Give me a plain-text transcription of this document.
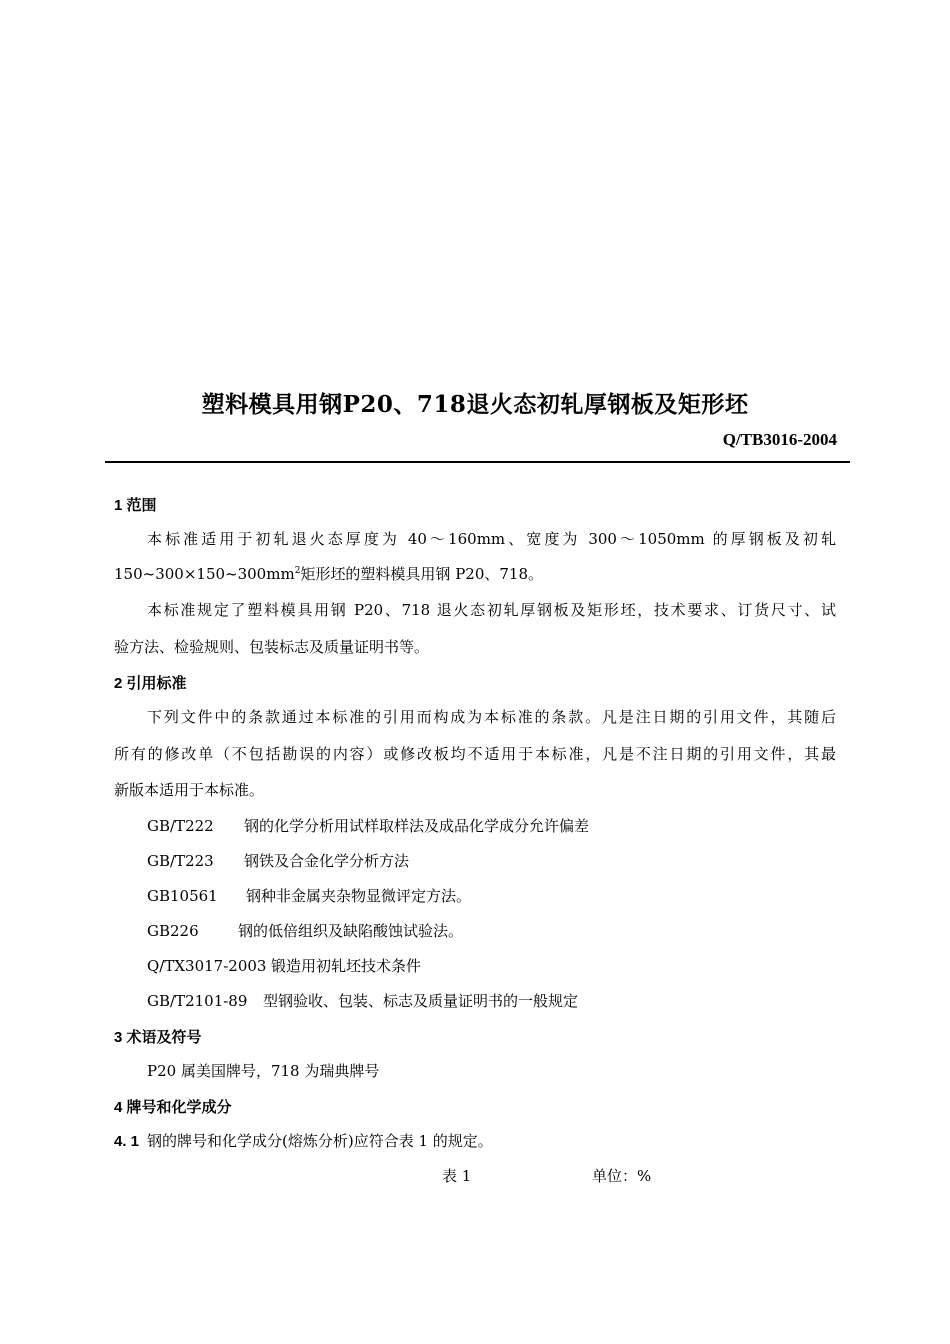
塑料模具用钢P20、718退火态初轧厚钢板及矩形坯
Q/TB3016-2004
1 范围
本标准适用于初轧退火态厚度为 40～160mm、宽度为 300～1050mm 的厚钢板及初轧
$150\sim 300\times 150\sim 300mm^2$矩形坯的塑料模具用钢 P20、718。
本标准规定了塑料模具用钢 P20、718 退火态初轧厚钢板及矩形坯，技术要求、订货尺寸、试
验方法、检验规则、包装标志及质量证明书等。
2 引用标准
下列文件中的条款通过本标准的引用而构成为本标准的条款。凡是注日期的引用文件，其随后
所有的修改单（不包括勘误的内容）或修改板均不适用于本标准，凡是不注日期的引用文件，其最
新版本适用于本标准。
GB/T222 钢的化学分析用试样取样法及成品化学成分允许偏差
GB/T223 钢铁及合金化学分析方法
GB10561 钢种非金属夹杂物显微评定方法。
GB226	钢的低倍组织及缺陷酸蚀试验法。
Q/TX3017-2003 锻造用初轧坯技术条件
GB/T2101-89 型钢验收、包装、标志及质量证明书的一般规定
3 术语及符号
P20 属美国牌号，718 为瑞典牌号
4 牌号和化学成分
4. 1 钢的牌号和化学成分(熔炼分析)应符合表 1 的规定。
表 1	单位：%
